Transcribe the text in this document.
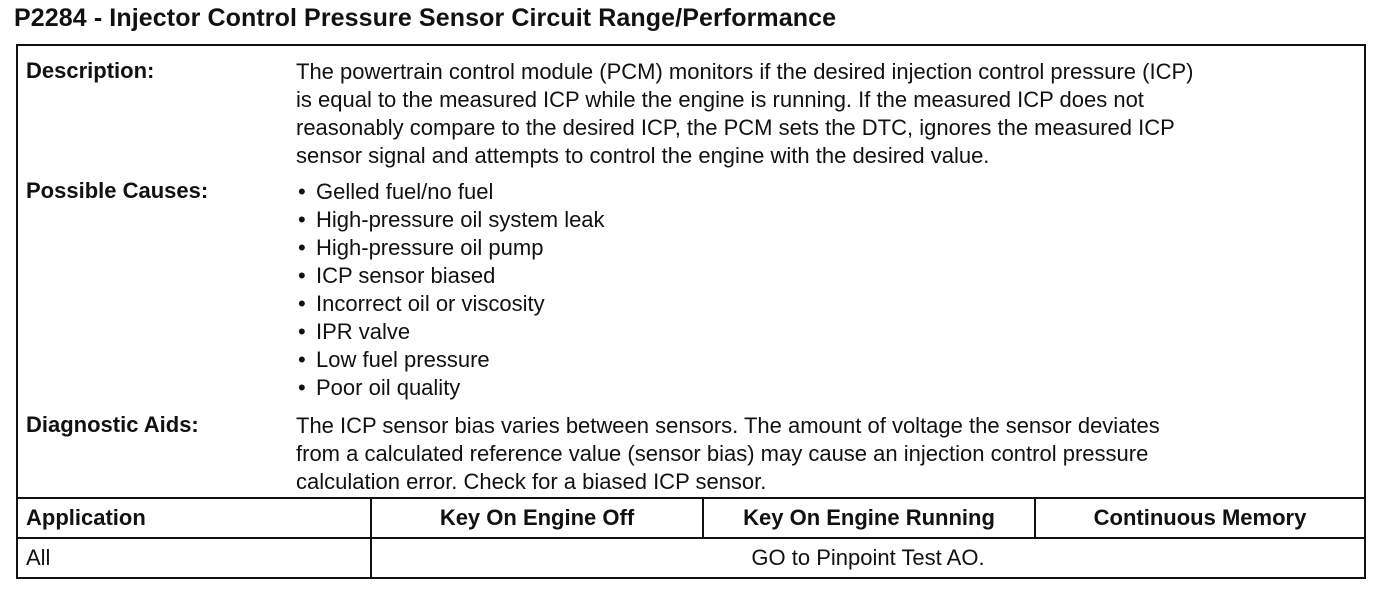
P2284 - Injector Control Pressure Sensor Circuit Range/Performance
Description:	The powertrain control module (PCM) monitors if the desired injection control pressure (ICP)
is equal to the measured ICP while the engine is running. If the measured ICP does not
reasonably compare to the desired ICP, the PCM sets the DTC, ignores the measured ICP
sensor signal and attempts to control the engine with the desired value.
Possible Causes:	• Gelled fuel/no fuel
• High-pressure oil system leak
• High-pressure oil pump
• ICP sensor biased
• Incorrect oil or viscosity
• IPR valve
• Low fuel pressure
• Poor oil quality
Diagnostic Aids:	The ICP sensor bias varies between sensors. The amount of voltage the sensor deviates
from a calculated reference value (sensor bias) may cause an injection control pressure
calculation error. Check for a biased ICP sensor.
Application	Key On Engine Off	Key On Engine Running	Continuous Memory
All	GO to Pinpoint Test AO.		
